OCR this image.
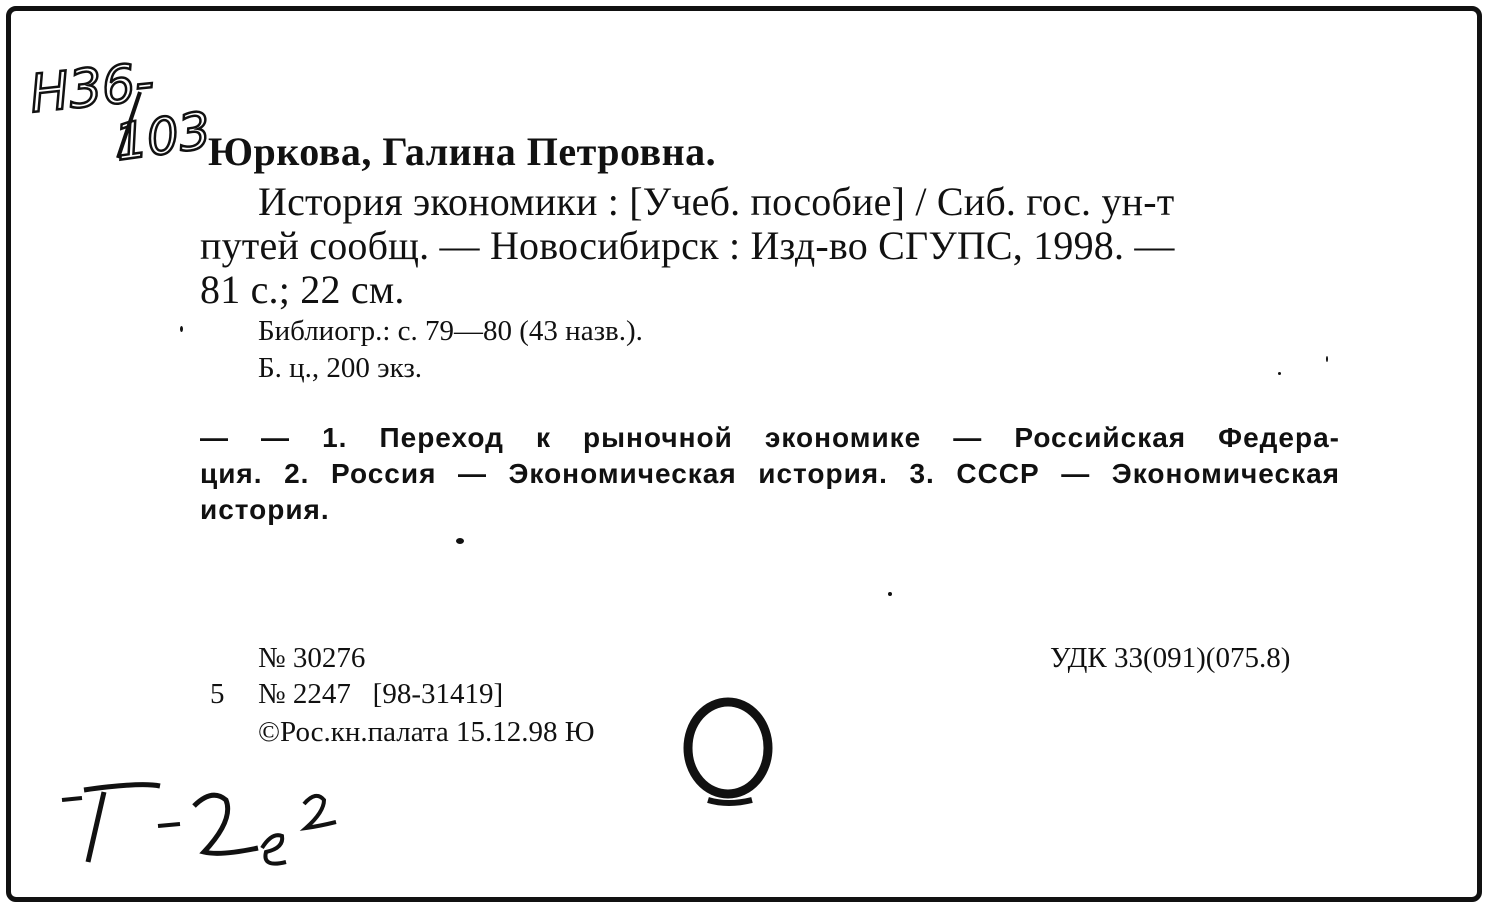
Н36-
103
Юркова, Галина Петровна.
История экономики : [Учеб. пособие] / Сиб. гос. ун-т
путей сообщ. — Новосибирск : Изд-во СГУПС, 1998. —
81 с.; 22 см.
Библиогр.: с. 79—80 (43 назв.).
Б. ц., 200 экз.
— — 1. Переход к рыночной экономике — Российская Федера-
ция. 2. Россия — Экономическая история. 3. СССР — Экономическая
история.
№ 30276	УДК 33(091)(075.8)
5 № 2247   [98-31419]
©Рос.кн.палата 15.12.98 Ю
